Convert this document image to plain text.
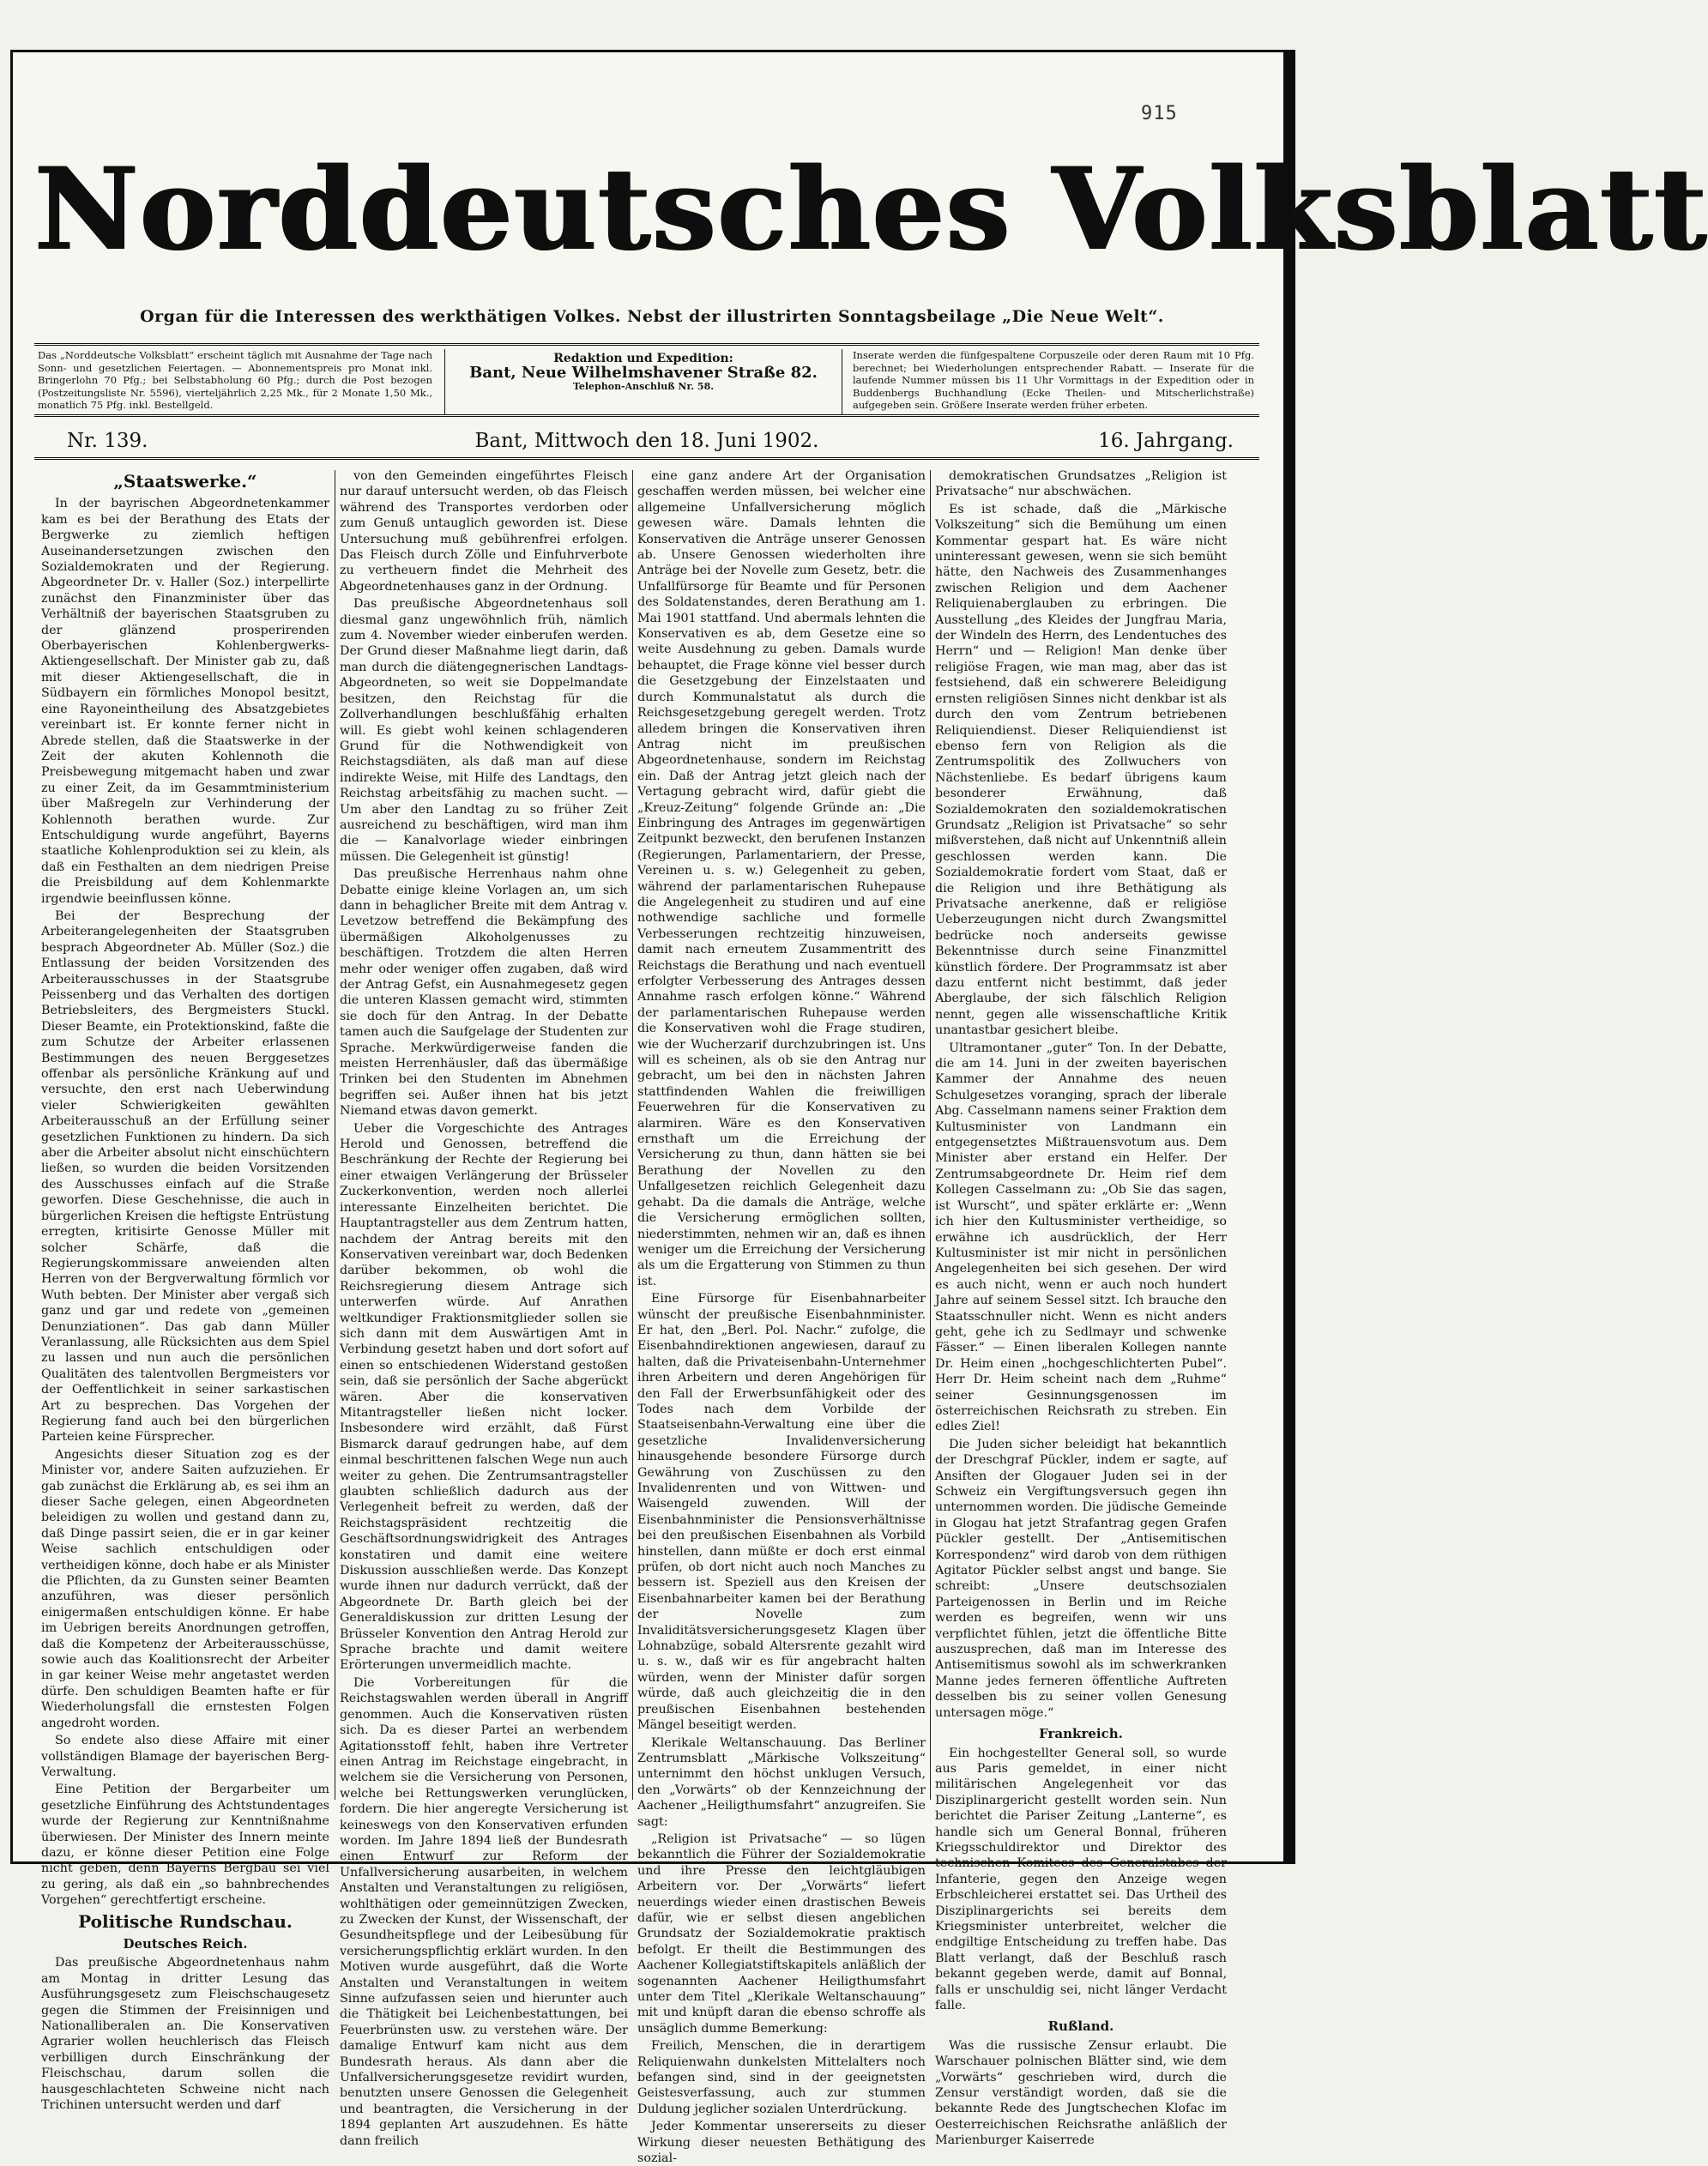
915
Norddeutsches Volksblatt
Organ für die Interessen des werkthätigen Volkes. Nebst der illustrirten Sonntagsbeilage „Die Neue Welt“.
Das „Norddeutsche Volksblatt“ erscheint täglich mit Ausnahme der Tage nach Sonn- und gesetzlichen Feiertagen. — Abonnementspreis pro Monat inkl. Bringerlohn 70 Pfg.; bei Selbstabholung 60 Pfg.; durch die Post bezogen (Postzeitungsliste Nr. 5596), vierteljährlich 2,25 Mk., für 2 Monate 1,50 Mk., monatlich 75 Pfg. inkl. Bestellgeld.
Redaktion und Expedition:
Bant, Neue Wilhelmshavener Straße 82.
Telephon-Anschluß Nr. 58.
Inserate werden die fünfgespaltene Corpuszeile oder deren Raum mit 10 Pfg. berechnet; bei Wiederholungen entsprechender Rabatt. — Inserate für die laufende Nummer müssen bis 11 Uhr Vormittags in der Expedition oder in Buddenbergs Buchhandlung (Ecke Theilen- und Mitscherlichstraße) aufgegeben sein. Größere Inserate werden früher erbeten.
Bant, Mittwoch den 18. Juni 1902.
Nr. 139.	16. Jahrgang.

„Staatswerke.“

In der bayrischen Abgeordnetenkammer kam es bei der Berathung des Etats der Bergwerke zu ziemlich heftigen Auseinandersetzungen zwischen den Sozialdemokraten und der Regierung. Abgeordneter Dr. v. Haller (Soz.) interpellirte zunächst den Finanzminister über das Verhältniß der bayerischen Staatsgruben zu der glänzend prosperirenden Oberbayerischen Kohlenbergwerks-Aktiengesellschaft. Der Minister gab zu, daß mit dieser Aktiengesellschaft, die in Südbayern ein förmliches Monopol besitzt, eine Rayoneintheilung des Absatzgebietes vereinbart ist. Er konnte ferner nicht in Abrede stellen, daß die Staatswerke in der Zeit der akuten Kohlennoth die Preisbewegung mitgemacht haben und zwar zu einer Zeit, da im Gesammtministerium über Maßregeln zur Verhinderung der Kohlennoth berathen wurde. Zur Entschuldigung wurde angeführt, Bayerns staatliche Kohlenproduktion sei zu klein, als daß ein Festhalten an dem niedrigen Preise die Preisbildung auf dem Kohlenmarkte irgendwie beeinflussen könne.

Bei der Besprechung der Arbeiterangelegenheiten der Staatsgruben besprach Abgeordneter Ab. Müller (Soz.) die Entlassung der beiden Vorsitzenden des Arbeiterausschusses in der Staatsgrube Peissenberg und das Verhalten des dortigen Betriebsleiters, des Bergmeisters Stuckl. Dieser Beamte, ein Protektionskind, faßte die zum Schutze der Arbeiter erlassenen Bestimmungen des neuen Berggesetzes offenbar als persönliche Kränkung auf und versuchte, den erst nach Ueberwindung vieler Schwierigkeiten gewählten Arbeiterausschuß an der Erfüllung seiner gesetzlichen Funktionen zu hindern. Da sich aber die Arbeiter absolut nicht einschüchtern ließen, so wurden die beiden Vorsitzenden des Ausschusses einfach auf die Straße geworfen. Diese Geschehnisse, die auch in bürgerlichen Kreisen die heftigste Entrüstung erregten, kritisirte Genosse Müller mit solcher Schärfe, daß die Regierungskommissare anweienden alten Herren von der Bergverwaltung förmlich vor Wuth bebten. Der Minister aber vergaß sich ganz und gar und redete von „gemeinen Denunziationen“. Das gab dann Müller Veranlassung, alle Rücksichten aus dem Spiel zu lassen und nun auch die persönlichen Qualitäten des talentvollen Bergmeisters vor der Oeffentlichkeit in seiner sarkastischen Art zu besprechen. Das Vorgehen der Regierung fand auch bei den bürgerlichen Parteien keine Fürsprecher.

Angesichts dieser Situation zog es der Minister vor, andere Saiten aufzuziehen. Er gab zunächst die Erklärung ab, es sei ihm an dieser Sache gelegen, einen Abgeordneten beleidigen zu wollen und gestand dann zu, daß Dinge passirt seien, die er in gar keiner Weise sachlich entschuldigen oder vertheidigen könne, doch habe er als Minister die Pflichten, da zu Gunsten seiner Beamten anzuführen, was dieser persönlich einigermaßen entschuldigen könne. Er habe im Uebrigen bereits Anordnungen getroffen, daß die Kompetenz der Arbeiterausschüsse, sowie auch das Koalitionsrecht der Arbeiter in gar keiner Weise mehr angetastet werden dürfe. Den schuldigen Beamten hafte er für Wiederholungsfall die ernstesten Folgen angedroht worden.

So endete also diese Affaire mit einer vollständigen Blamage der bayerischen Berg-Verwaltung.

Eine Petition der Bergarbeiter um gesetzliche Einführung des Achtstundentages wurde der Regierung zur Kenntnißnahme überwiesen. Der Minister des Innern meinte dazu, er könne dieser Petition eine Folge nicht geben, denn Bayerns Bergbau sei viel zu gering, als daß ein „so bahnbrechendes Vorgehen“ gerechtfertigt erscheine.

Politische Rundschau.

Deutsches Reich.

Das preußische Abgeordnetenhaus nahm am Montag in dritter Lesung das Ausführungsgesetz zum Fleischschaugesetz gegen die Stimmen der Freisinnigen und Nationalliberalen an. Die Konservativen Agrarier wollen heuchlerisch das Fleisch verbilligen durch Einschränkung der Fleischschau, darum sollen die hausgeschlachteten Schweine nicht nach Trichinen untersucht werden und darf

von den Gemeinden eingeführtes Fleisch nur darauf untersucht werden, ob das Fleisch während des Transportes verdorben oder zum Genuß untauglich geworden ist. Diese Untersuchung muß gebührenfrei erfolgen. Das Fleisch durch Zölle und Einfuhrverbote zu vertheuern findet die Mehrheit des Abgeordnetenhauses ganz in der Ordnung.

Das preußische Abgeordnetenhaus soll diesmal ganz ungewöhnlich früh, nämlich zum 4. November wieder einberufen werden. Der Grund dieser Maßnahme liegt darin, daß man durch die diätengegnerischen Landtags-Abgeordneten, so weit sie Doppelmandate besitzen, den Reichstag für die Zollverhandlungen beschlußfähig erhalten will. Es giebt wohl keinen schlagenderen Grund für die Nothwendigkeit von Reichstagsdiäten, als daß man auf diese indirekte Weise, mit Hilfe des Landtags, den Reichstag arbeitsfähig zu machen sucht. — Um aber den Landtag zu so früher Zeit ausreichend zu beschäftigen, wird man ihm die — Kanalvorlage wieder einbringen müssen. Die Gelegenheit ist günstig!

Das preußische Herrenhaus nahm ohne Debatte einige kleine Vorlagen an, um sich dann in behaglicher Breite mit dem Antrag v. Levetzow betreffend die Bekämpfung des übermäßigen Alkoholgenusses zu beschäftigen. Trotzdem die alten Herren mehr oder weniger offen zugaben, daß wird der Antrag Gefst, ein Ausnahmegesetz gegen die unteren Klassen gemacht wird, stimmten sie doch für den Antrag. In der Debatte tamen auch die Saufgelage der Studenten zur Sprache. Merkwürdigerweise fanden die meisten Herrenhäusler, daß das übermäßige Trinken bei den Studenten im Abnehmen begriffen sei. Außer ihnen hat bis jetzt Niemand etwas davon gemerkt.

Ueber die Vorgeschichte des Antrages Herold und Genossen, betreffend die Beschränkung der Rechte der Regierung bei einer etwaigen Verlängerung der Brüsseler Zuckerkonvention, werden noch allerlei interessante Einzelheiten berichtet. Die Hauptantragsteller aus dem Zentrum hatten, nachdem der Antrag bereits mit den Konservativen vereinbart war, doch Bedenken darüber bekommen, ob wohl die Reichsregierung diesem Antrage sich unterwerfen würde. Auf Anrathen weltkundiger Fraktionsmitglieder sollen sie sich dann mit dem Auswärtigen Amt in Verbindung gesetzt haben und dort sofort auf einen so entschiedenen Widerstand gestoßen sein, daß sie persönlich der Sache abgerückt wären. Aber die konservativen Mitantragsteller ließen nicht locker. Insbesondere wird erzählt, daß Fürst Bismarck darauf gedrungen habe, auf dem einmal beschrittenen falschen Wege nun auch weiter zu gehen. Die Zentrumsantragsteller glaubten schließlich dadurch aus der Verlegenheit befreit zu werden, daß der Reichstagspräsident rechtzeitig die Geschäftsordnungswidrigkeit des Antrages konstatiren und damit eine weitere Diskussion ausschließen werde. Das Konzept wurde ihnen nur dadurch verrückt, daß der Abgeordnete Dr. Barth gleich bei der Generaldiskussion zur dritten Lesung der Brüsseler Konvention den Antrag Herold zur Sprache brachte und damit weitere Erörterungen unvermeidlich machte.

Die Vorbereitungen für die Reichstagswahlen werden überall in Angriff genommen. Auch die Konservativen rüsten sich. Da es dieser Partei an werbendem Agitationsstoff fehlt, haben ihre Vertreter einen Antrag im Reichstage eingebracht, in welchem sie die Versicherung von Personen, welche bei Rettungswerken verunglücken, fordern. Die hier angeregte Versicherung ist keineswegs von den Konservativen erfunden worden. Im Jahre 1894 ließ der Bundesrath einen Entwurf zur Reform der Unfallversicherung ausarbeiten, in welchem Anstalten und Veranstaltungen zu religiösen, wohlthätigen oder gemeinnützigen Zwecken, zu Zwecken der Kunst, der Wissenschaft, der Gesundheitspflege und der Leibesübung für versicherungspflichtig erklärt wurden. In den Motiven wurde ausgeführt, daß die Worte Anstalten und Veranstaltungen in weitem Sinne aufzufassen seien und hierunter auch die Thätigkeit bei Leichenbestattungen, bei Feuerbrünsten usw. zu verstehen wäre. Der damalige Entwurf kam nicht aus dem Bundesrath heraus. Als dann aber die Unfallversicherungsgesetze revidirt wurden, benutzten unsere Genossen die Gelegenheit und beantragten, die Versicherung in der 1894 geplanten Art auszudehnen. Es hätte dann freilich

eine ganz andere Art der Organisation geschaffen werden müssen, bei welcher eine allgemeine Unfallversicherung möglich gewesen wäre. Damals lehnten die Konservativen die Anträge unserer Genossen ab. Unsere Genossen wiederholten ihre Anträge bei der Novelle zum Gesetz, betr. die Unfallfürsorge für Beamte und für Personen des Soldatenstandes, deren Berathung am 1. Mai 1901 stattfand. Und abermals lehnten die Konservativen es ab, dem Gesetze eine so weite Ausdehnung zu geben. Damals wurde behauptet, die Frage könne viel besser durch die Gesetzgebung der Einzelstaaten und durch Kommunalstatut als durch die Reichsgesetzgebung geregelt werden. Trotz alledem bringen die Konservativen ihren Antrag nicht im preußischen Abgeordnetenhause, sondern im Reichstag ein. Daß der Antrag jetzt gleich nach der Vertagung gebracht wird, dafür giebt die „Kreuz-Zeitung“ folgende Gründe an: „Die Einbringung des Antrages im gegenwärtigen Zeitpunkt bezweckt, den berufenen Instanzen (Regierungen, Parlamentariern, der Presse, Vereinen u. s. w.) Gelegenheit zu geben, während der parlamentarischen Ruhepause die Angelegenheit zu studiren und auf eine nothwendige sachliche und formelle Verbesserungen rechtzeitig hinzuweisen, damit nach erneutem Zusammentritt des Reichstags die Berathung und nach eventuell erfolgter Verbesserung des Antrages dessen Annahme rasch erfolgen könne.“ Während der parlamentarischen Ruhepause werden die Konservativen wohl die Frage studiren, wie der Wucherzarif durchzubringen ist. Uns will es scheinen, als ob sie den Antrag nur gebracht, um bei den in nächsten Jahren stattfindenden Wahlen die freiwilligen Feuerwehren für die Konservativen zu alarmiren. Wäre es den Konservativen ernsthaft um die Erreichung der Versicherung zu thun, dann hätten sie bei Berathung der Novellen zu den Unfallgesetzen reichlich Gelegenheit dazu gehabt. Da die damals die Anträge, welche die Versicherung ermöglichen sollten, niederstimmten, nehmen wir an, daß es ihnen weniger um die Erreichung der Versicherung als um die Ergatterung von Stimmen zu thun ist.

Eine Fürsorge für Eisenbahnarbeiter wünscht der preußische Eisenbahnminister. Er hat, den „Berl. Pol. Nachr.“ zufolge, die Eisenbahndirektionen angewiesen, darauf zu halten, daß die Privateisenbahn-Unternehmer ihren Arbeitern und deren Angehörigen für den Fall der Erwerbsunfähigkeit oder des Todes nach dem Vorbilde der Staatseisenbahn-Verwaltung eine über die gesetzliche Invalidenversicherung hinausgehende besondere Fürsorge durch Gewährung von Zuschüssen zu den Invalidenrenten und von Wittwen- und Waisengeld zuwenden. Will der Eisenbahnminister die Pensionsverhältnisse bei den preußischen Eisenbahnen als Vorbild hinstellen, dann müßte er doch erst einmal prüfen, ob dort nicht auch noch Manches zu bessern ist. Speziell aus den Kreisen der Eisenbahnarbeiter kamen bei der Berathung der Novelle zum Invaliditätsversicherungsgesetz Klagen über Lohnabzüge, sobald Altersrente gezahlt wird u. s. w., daß wir es für angebracht halten würden, wenn der Minister dafür sorgen würde, daß auch gleichzeitig die in den preußischen Eisenbahnen bestehenden Mängel beseitigt werden.

Klerikale Weltanschauung. Das Berliner Zentrumsblatt „Märkische Volkszeitung“ unternimmt den höchst unklugen Versuch, den „Vorwärts“ ob der Kennzeichnung der Aachener „Heiligthumsfahrt“ anzugreifen. Sie sagt:

„Religion ist Privatsache“ — so lügen bekanntlich die Führer der Sozialdemokratie und ihre Presse den leichtgläubigen Arbeitern vor. Der „Vorwärts“ liefert neuerdings wieder einen drastischen Beweis dafür, wie er selbst diesen angeblichen Grundsatz der Sozialdemokratie praktisch befolgt. Er theilt die Bestimmungen des Aachener Kollegiatstiftskapitels anläßlich der sogenannten Aachener Heiligthumsfahrt unter dem Titel „Klerikale Weltanschauung“ mit und knüpft daran die ebenso schroffe als unsäglich dumme Bemerkung:

Freilich, Menschen, die in derartigem Reliquienwahn dunkelsten Mittelalters noch befangen sind, sind in der geeignetsten Geistesverfassung, auch zur stummen Duldung jeglicher sozialen Unterdrückung.

Jeder Kommentar unsererseits zu dieser Wirkung dieser neuesten Bethätigung des sozial-

demokratischen Grundsatzes „Religion ist Privatsache“ nur abschwächen.

Es ist schade, daß die „Märkische Volkszeitung“ sich die Bemühung um einen Kommentar gespart hat. Es wäre nicht uninteressant gewesen, wenn sie sich bemüht hätte, den Nachweis des Zusammenhanges zwischen Religion und dem Aachener Reliquienaberglauben zu erbringen. Die Ausstellung „des Kleides der Jungfrau Maria, der Windeln des Herrn, des Lendentuches des Herrn“ und — Religion! Man denke über religiöse Fragen, wie man mag, aber das ist festsiehend, daß ein schwerere Beleidigung ernsten religiösen Sinnes nicht denkbar ist als durch den vom Zentrum betriebenen Reliquiendienst. Dieser Reliquiendienst ist ebenso fern von Religion als die Zentrumspolitik des Zollwuchers von Nächstenliebe. Es bedarf übrigens kaum besonderer Erwähnung, daß Sozialdemokraten den sozialdemokratischen Grundsatz „Religion ist Privatsache“ so sehr mißverstehen, daß nicht auf Unkenntniß allein geschlossen werden kann. Die Sozialdemokratie fordert vom Staat, daß er die Religion und ihre Bethätigung als Privatsache anerkenne, daß er religiöse Ueberzeugungen nicht durch Zwangsmittel bedrücke noch anderseits gewisse Bekenntnisse durch seine Finanzmittel künstlich fördere. Der Programmsatz ist aber dazu entfernt nicht bestimmt, daß jeder Aberglaube, der sich fälschlich Religion nennt, gegen alle wissenschaftliche Kritik unantastbar gesichert bleibe.

Ultramontaner „guter“ Ton. In der Debatte, die am 14. Juni in der zweiten bayerischen Kammer der Annahme des neuen Schulgesetzes voranging, sprach der liberale Abg. Casselmann namens seiner Fraktion dem Kultusminister von Landmann ein entgegensetztes Mißtrauensvotum aus. Dem Minister aber erstand ein Helfer. Der Zentrumsabgeordnete Dr. Heim rief dem Kollegen Casselmann zu: „Ob Sie das sagen, ist Wurscht“, und später erklärte er: „Wenn ich hier den Kultusminister vertheidige, so erwähne ich ausdrücklich, der Herr Kultusminister ist mir nicht in persönlichen Angelegenheiten bei sich gesehen. Der wird es auch nicht, wenn er auch noch hundert Jahre auf seinem Sessel sitzt. Ich brauche den Staatsschnuller nicht. Wenn es nicht anders geht, gehe ich zu Sedlmayr und schwenke Fässer.“ — Einen liberalen Kollegen nannte Dr. Heim einen „hochgeschlichterten Pubel“. Herr Dr. Heim scheint nach dem „Ruhme“ seiner Gesinnungsgenossen im österreichischen Reichsrath zu streben. Ein edles Ziel!

Die Juden sicher beleidigt hat bekanntlich der Dreschgraf Pückler, indem er sagte, auf Ansiften der Glogauer Juden sei in der Schweiz ein Vergiftungsversuch gegen ihn unternommen worden. Die jüdische Gemeinde in Glogau hat jetzt Strafantrag gegen Grafen Pückler gestellt. Der „Antisemitischen Korrespondenz“ wird darob von dem rüthigen Agitator Pückler selbst angst und bange. Sie schreibt: „Unsere deutschsozialen Parteigenossen in Berlin und im Reiche werden es begreifen, wenn wir uns verpflichtet fühlen, jetzt die öffentliche Bitte auszusprechen, daß man im Interesse des Antisemitismus sowohl als im schwerkranken Manne jedes ferneren öffentliche Auftreten desselben bis zu seiner vollen Genesung untersagen möge.“

Frankreich.

Ein hochgestellter General soll, so wurde aus Paris gemeldet, in einer nicht militärischen Angelegenheit vor das Disziplinargericht gestellt worden sein. Nun berichtet die Pariser Zeitung „Lanterne“, es handle sich um General Bonnal, früheren Kriegsschuldirektor und Direktor des technischen Komitees des Generalstabes der Infanterie, gegen den Anzeige wegen Erbschleicherei erstattet sei. Das Urtheil des Disziplinargerichts sei bereits dem Kriegsminister unterbreitet, welcher die endgiltige Entscheidung zu treffen habe. Das Blatt verlangt, daß der Beschluß rasch bekannt gegeben werde, damit auf Bonnal, falls er unschuldig sei, nicht länger Verdacht falle.

Rußland.

Was die russische Zensur erlaubt. Die Warschauer polnischen Blätter sind, wie dem „Vorwärts“ geschrieben wird, durch die Zensur verständigt worden, daß sie die bekannte Rede des Jungtschechen Klofac im Oesterreichischen Reichsrathe anläßlich der Marienburger Kaiserrede
